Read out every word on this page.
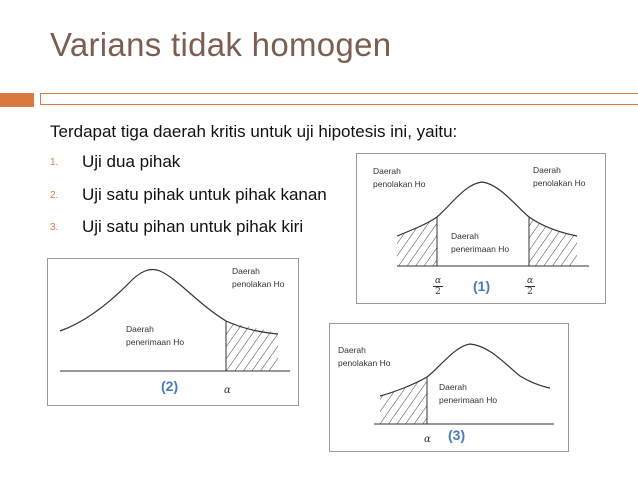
Varians tidak homogen
Terdapat tiga daerah kritis untuk uji hipotesis ini, yaitu:
1. Uji dua pihak
2. Uji satu pihak untuk pihak kanan
3. Uji satu pihan untuk pihak kiri
Daerah
penolakan Ho
Daerah
penerimaan Ho
α
(2)
Daerah
penolakan Ho
Daerah
penolakan Ho
Daerah
penerimaan Ho
$\frac{\alpha}{2}$	$\frac{\alpha}{2}$
(1)
Daerah
penolakan Ho
Daerah
penerimaan Ho
α (3)
